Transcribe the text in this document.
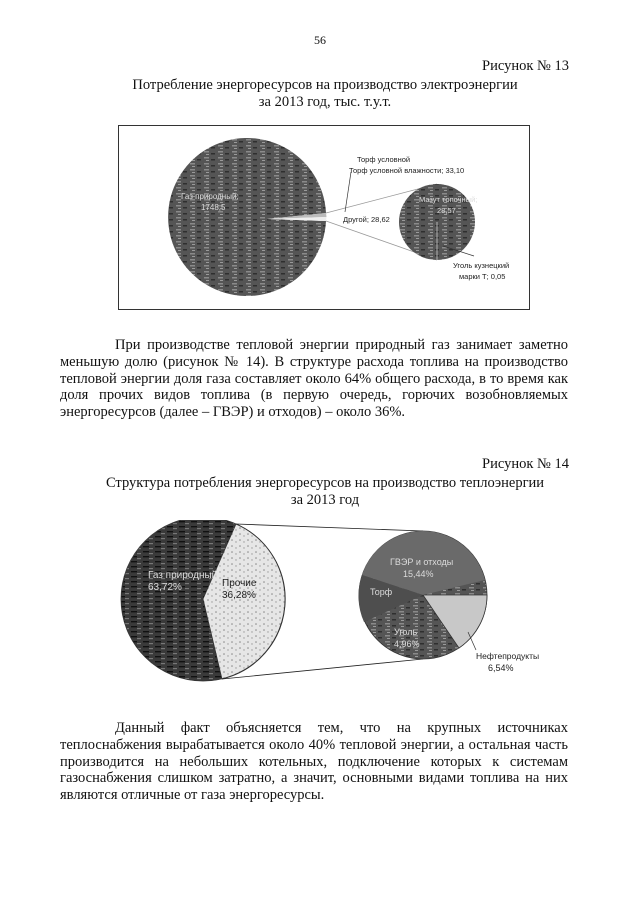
56
Рисунок № 13
Потребление энергоресурсов на производство электроэнергии
за 2013 год, тыс. т.у.т.
Газ природный;
1748,5
Торф условной
Торф условной влажности; 33,10
Другой; 28,62
Мазут топочный;
28,57
Уголь кузнецкий
марки Т; 0,05
При производстве тепловой энергии природный газ занимает заметно меньшую долю (рисунок № 14). В структуре расхода топлива на производство тепловой энергии доля газа составляет около 64% общего расхода, в то время как доля прочих видов топлива (в первую очередь, горючих возобновляемых энергоресурсов (далее – ГВЭР) и отходов) – около 36%.
Рисунок № 14
Структура потребления энергоресурсов на производство теплоэнергии
за 2013 год
Газ природный
63,72%	Прочие
36,28%
ГВЭР и отходы
15,44%
Торф
Уголь
4,96%
Нефтепродукты
6,54%
Данный факт объясняется тем, что на крупных источниках теплоснабжения вырабатывается около 40% тепловой энергии, а остальная часть производится на небольших котельных, подключение которых к системам газоснабжения слишком затратно, а значит, основными видами топлива на них являются отличные от газа энергоресурсы.
